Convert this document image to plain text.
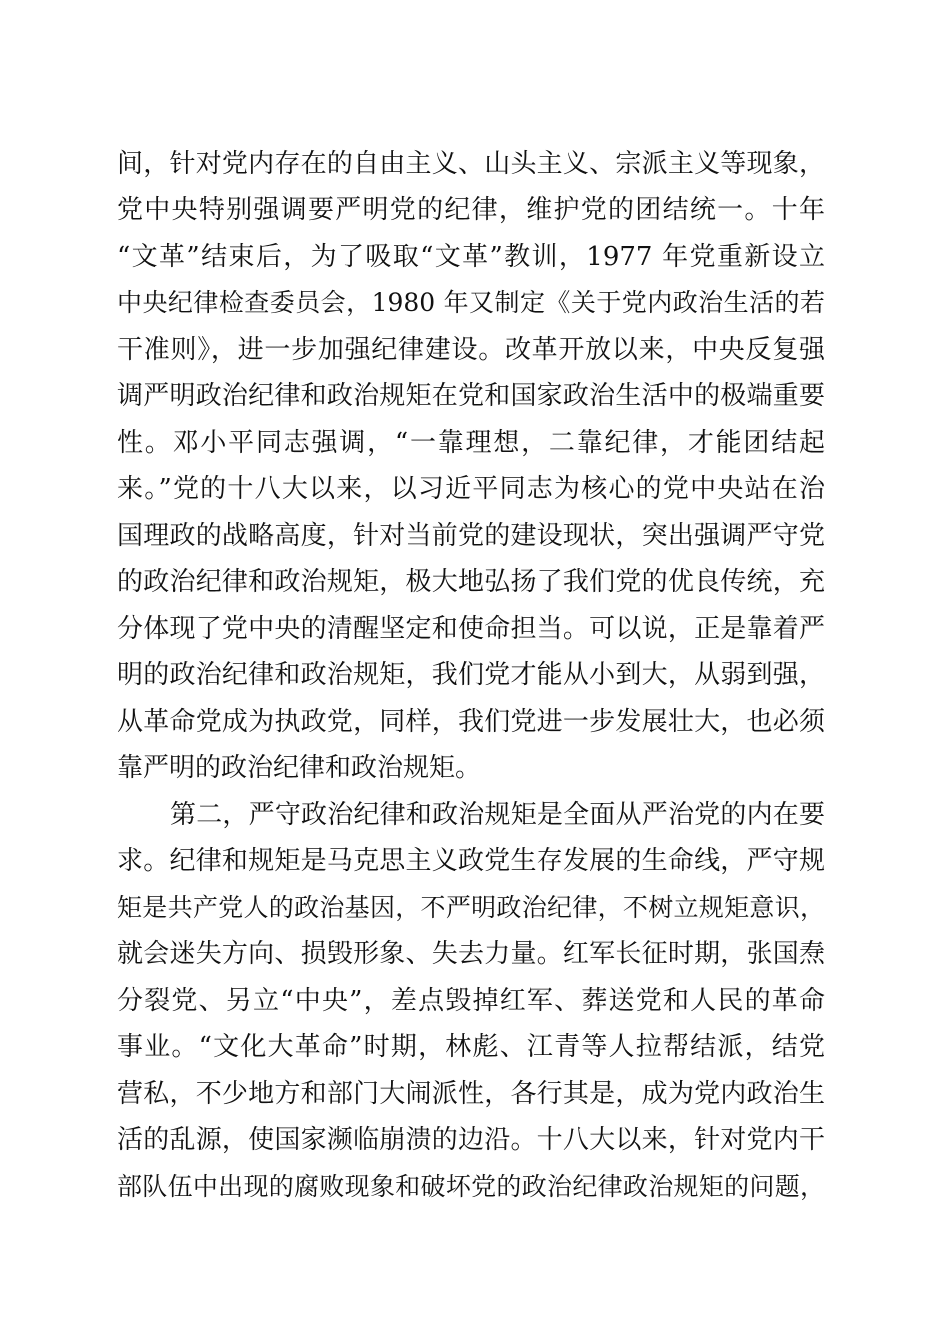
间，针对党内存在的自由主义、山头主义、宗派主义等现象，
党中央特别强调要严明党的纪律，维护党的团结统一。十年
“文革”结束后，为了吸取“文革”教训，1977 年党重新设立
中央纪律检查委员会，1980 年又制定《关于党内政治生活的若
干准则》，进一步加强纪律建设。改革开放以来，中央反复强
调严明政治纪律和政治规矩在党和国家政治生活中的极端重要
性。邓小平同志强调，“一靠理想，二靠纪律，才能团结起
来。”党的十八大以来，以习近平同志为核心的党中央站在治
国理政的战略高度，针对当前党的建设现状，突出强调严守党
的政治纪律和政治规矩，极大地弘扬了我们党的优良传统，充
分体现了党中央的清醒坚定和使命担当。可以说，正是靠着严
明的政治纪律和政治规矩，我们党才能从小到大，从弱到强，
从革命党成为执政党，同样，我们党进一步发展壮大，也必须
靠严明的政治纪律和政治规矩。
第二，严守政治纪律和政治规矩是全面从严治党的内在要
求。纪律和规矩是马克思主义政党生存发展的生命线，严守规
矩是共产党人的政治基因，不严明政治纪律，不树立规矩意识，
就会迷失方向、损毁形象、失去力量。红军长征时期，张国焘
分裂党、另立“中央”，差点毁掉红军、葬送党和人民的革命
事业。“文化大革命”时期，林彪、江青等人拉帮结派，结党
营私，不少地方和部门大闹派性，各行其是，成为党内政治生
活的乱源，使国家濒临崩溃的边沿。十八大以来，针对党内干
部队伍中出现的腐败现象和破坏党的政治纪律政治规矩的问题，
